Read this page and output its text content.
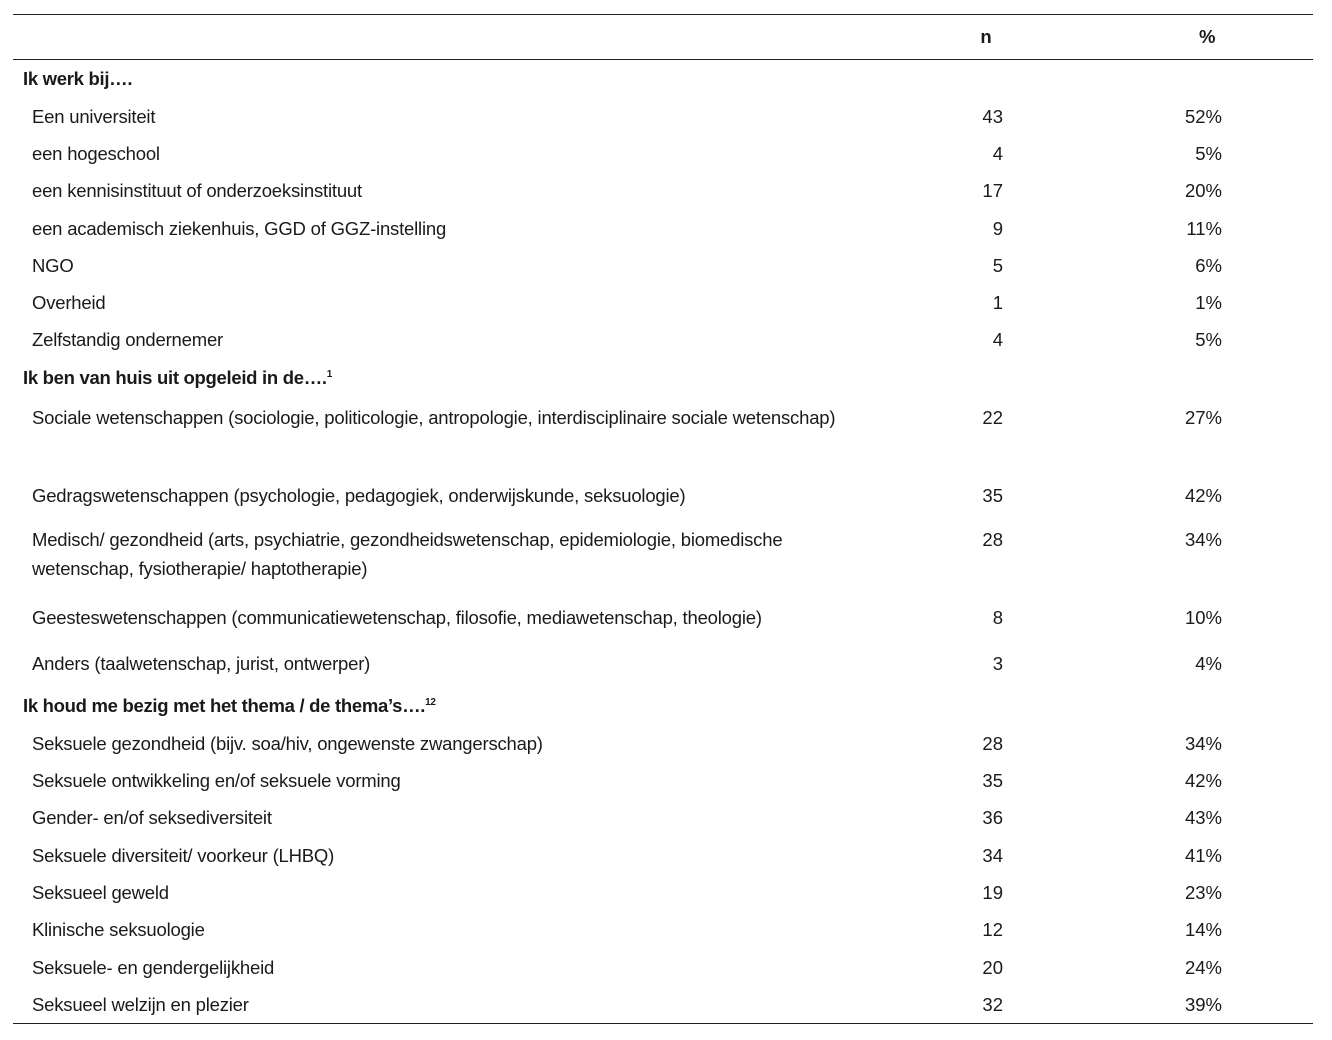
	n	%
Ik werk bij….		
Een universiteit	43	52%
een hogeschool	4	5%
een kennisinstituut of onderzoeksinstituut	17	20%
een academisch ziekenhuis, GGD of GGZ-instelling	9	11%
NGO	5	6%
Overheid	1	1%
Zelfstandig ondernemer	4	5%
Ik ben van huis uit opgeleid in de….$^1$
Sociale wetenschappen (sociologie, politicologie, antropologie, interdisciplinaire sociale wetenschap)	22	27%
Gedragswetenschappen (psychologie, pedagogiek, onderwijskunde, seksuologie)	35	42%
Medisch/ gezondheid (arts, psychiatrie, gezondheidswetenschap, epidemiologie, biomedische wetenschap, fysiotherapie/ haptotherapie)	28	34%
Geesteswetenschappen (communicatiewetenschap, filosofie, mediawetenschap, theologie)	8	10%
Anders (taalwetenschap, jurist, ontwerper)	3	4%
Ik houd me bezig met het thema / de thema’s….$^{12}$
Seksuele gezondheid (bijv. soa/hiv, ongewenste zwangerschap)	28	34%
Seksuele ontwikkeling en/of seksuele vorming	35	42%
Gender- en/of seksediversiteit	36	43%
Seksuele diversiteit/ voorkeur (LHBQ)	34	41%
Seksueel geweld	19	23%
Klinische seksuologie	12	14%
Seksuele- en gendergelijkheid	20	24%
Seksueel welzijn en plezier	32	39%
